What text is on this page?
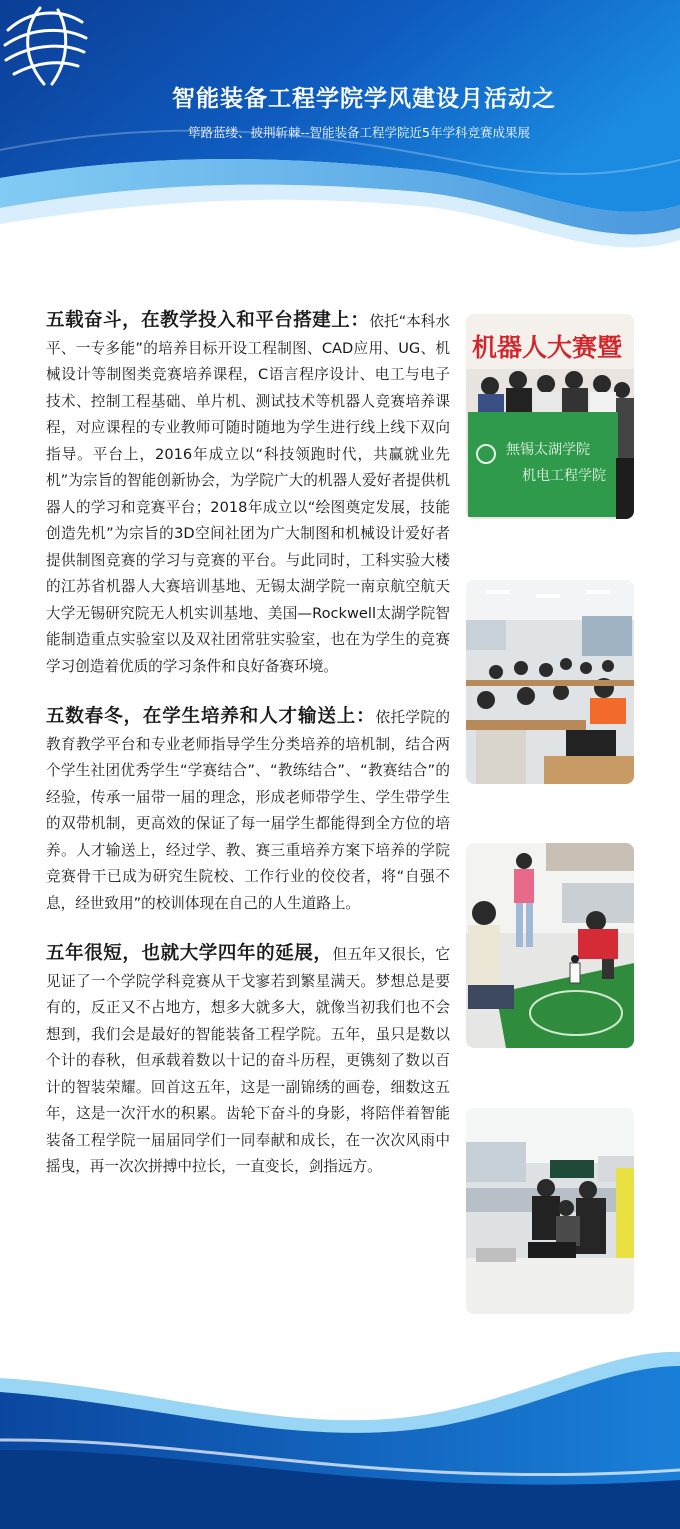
智能装备工程学院学风建设月活动之
筚路蓝缕、披荆斩棘--智能装备工程学院近5年学科竞赛成果展

五载奋斗，在教学投入和平台搭建上：依托“本科水平、一专多能”的培养目标开设工程制图、CAD应用、UG、机械设计等制图类竞赛培养课程，C语言程序设计、电工与电子技术、控制工程基础、单片机、测试技术等机器人竞赛培养课程，对应课程的专业教师可随时随地为学生进行线上线下双向指导。平台上，2016年成立以“科技领跑时代，共赢就业先机”为宗旨的智能创新协会，为学院广大的机器人爱好者提供机器人的学习和竞赛平台；2018年成立以“绘图奠定发展，技能创造先机”为宗旨的3D空间社团为广大制图和机械设计爱好者提供制图竞赛的学习与竞赛的平台。与此同时，工科实验大楼的江苏省机器人大赛培训基地、无锡太湖学院一南京航空航天大学无锡研究院无人机实训基地、美国—Rockwell太湖学院智能制造重点实验室以及双社团常驻实验室，也在为学生的竞赛学习创造着优质的学习条件和良好备赛环境。

五数春冬，在学生培养和人才输送上：依托学院的教育教学平台和专业老师指导学生分类培养的培机制，结合两个学生社团优秀学生“学赛结合”、“教练结合”、“教赛结合”的经验，传承一届带一届的理念，形成老师带学生、学生带学生的双带机制，更高效的保证了每一届学生都能得到全方位的培养。人才输送上，经过学、教、赛三重培养方案下培养的学院竞赛骨干已成为研究生院校、工作行业的佼佼者，将“自强不息，经世致用”的校训体现在自己的人生道路上。

五年很短，也就大学四年的延展，但五年又很长，它见证了一个学院学科竞赛从干戈寥若到繁星满天。梦想总是要有的，反正又不占地方，想多大就多大，就像当初我们也不会想到，我们会是最好的智能装备工程学院。五年，虽只是数以个计的春秋，但承载着数以十记的奋斗历程，更镌刻了数以百计的智装荣耀。回首这五年，这是一副锦绣的画卷，细数这五年，这是一次汗水的积累。齿轮下奋斗的身影，将陪伴着智能装备工程学院一届届同学们一同奉献和成长，在一次次风雨中摇曳，再一次次拼搏中拉长，一直变长，剑指远方。

机器人大赛暨
無锡太湖学院
机电工程学院
